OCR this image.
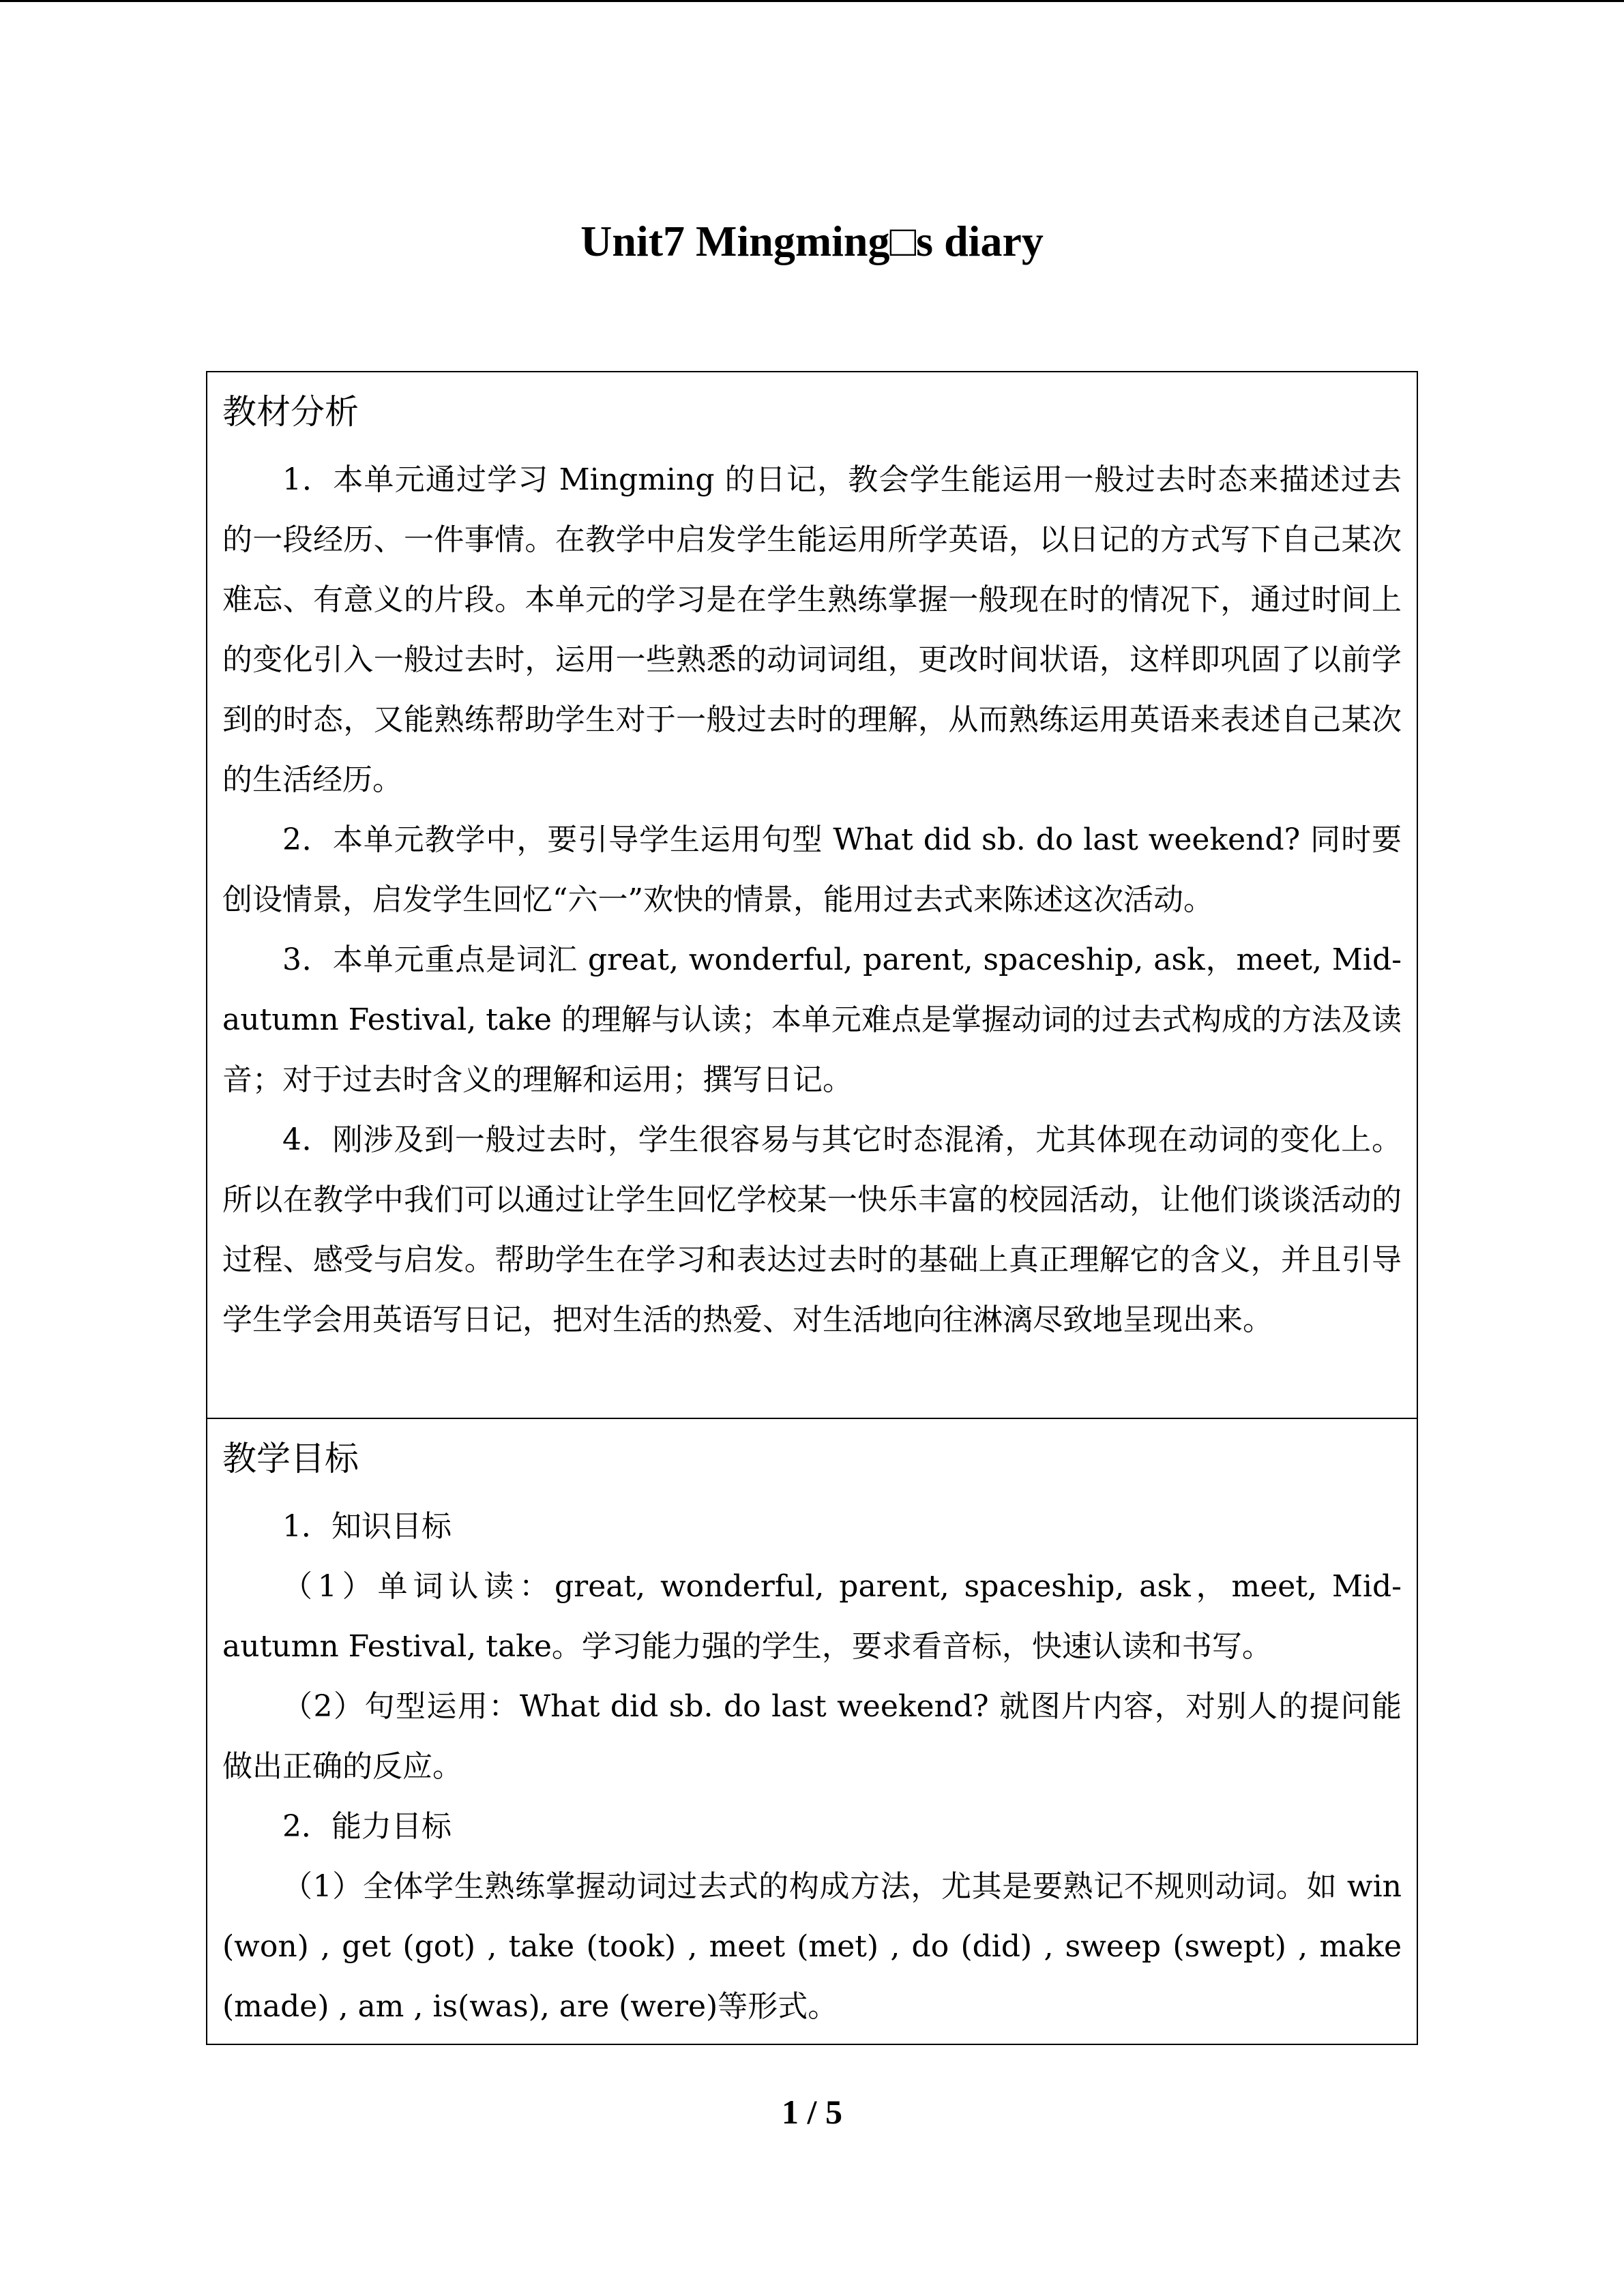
Unit7 Mingming□s diary
教材分析

1．本单元通过学习 Mingming 的日记，教会学生能运用一般过去时态来描述过去的一段经历、一件事情。在教学中启发学生能运用所学英语，以日记的方式写下自己某次难忘、有意义的片段。本单元的学习是在学生熟练掌握一般现在时的情况下，通过时间上的变化引入一般过去时，运用一些熟悉的动词词组，更改时间状语，这样即巩固了以前学到的时态，又能熟练帮助学生对于一般过去时的理解，从而熟练运用英语来表述自己某次的生活经历。

2．本单元教学中，要引导学生运用句型 What did sb. do last weekend? 同时要创设情景，启发学生回忆“六一”欢快的情景，能用过去式来陈述这次活动。

3．本单元重点是词汇 great, wonderful, parent, spaceship, ask，meet, Mid-autumn Festival, take 的理解与认读；本单元难点是掌握动词的过去式构成的方法及读音；对于过去时含义的理解和运用；撰写日记。

4．刚涉及到一般过去时，学生很容易与其它时态混淆，尤其体现在动词的变化上。所以在教学中我们可以通过让学生回忆学校某一快乐丰富的校园活动，让他们谈谈活动的过程、感受与启发。帮助学生在学习和表达过去时的基础上真正理解它的含义，并且引导学生学会用英语写日记，把对生活的热爱、对生活地向往淋漓尽致地呈现出来。

教学目标

1．知识目标

（1）单词认读：great, wonderful, parent, spaceship, ask，meet, Mid-autumn Festival, take。学习能力强的学生，要求看音标，快速认读和书写。

（2）句型运用：What did sb. do last weekend? 就图片内容，对别人的提问能做出正确的反应。

2．能力目标

（1）全体学生熟练掌握动词过去式的构成方法，尤其是要熟记不规则动词。如 win (won) , get (got) , take (took) , meet (met) , do (did) , sweep (swept) , make (made) , am , is(was), are (were)等形式。

1 / 5
